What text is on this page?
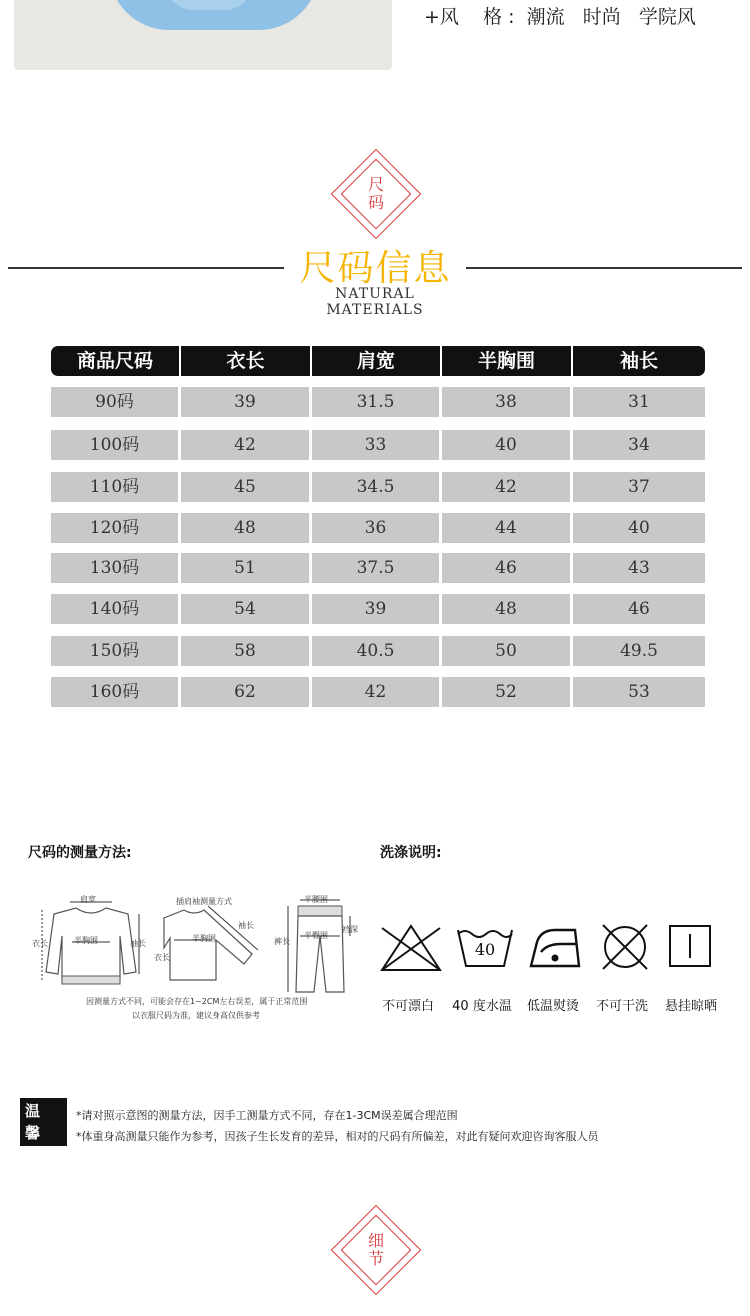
+风    格 :  潮流   时尚   学院风
尺
码
尺码信息
NATURAL MATERIALS
商品尺码	衣长	肩宽	半胸围	袖长
90码	39	31.5	38	31
100码	42	33	40	34
110码	45	34.5	42	37
120码	48	36	44	40
130码	51	37.5	46	43
140码	54	39	48	46
150码	58	40.5	50	49.5
160码	62	42	52	53
尺码的测量方法:
肩宽
半胸围
衣长	袖长
插肩袖测量方式
袖长
半胸围
衣长
半腰围
半臀围
裤长
裆深
因测量方式不同，可能会存在1~2CM左右误差，属于正常范围
以衣服尺码为准，建议身高仅供参考
洗涤说明:
40
不可漂白	40 度水温	低温熨烫	不可干洗	悬挂晾晒
温 馨
提 示
*请对照示意图的测量方法，因手工测量方式不同，存在1-3CM误差属合理范围
*体重身高测量只能作为参考，因孩子生长发育的差异，相对的尺码有所偏差，对此有疑问欢迎咨询客服人员
细
节
